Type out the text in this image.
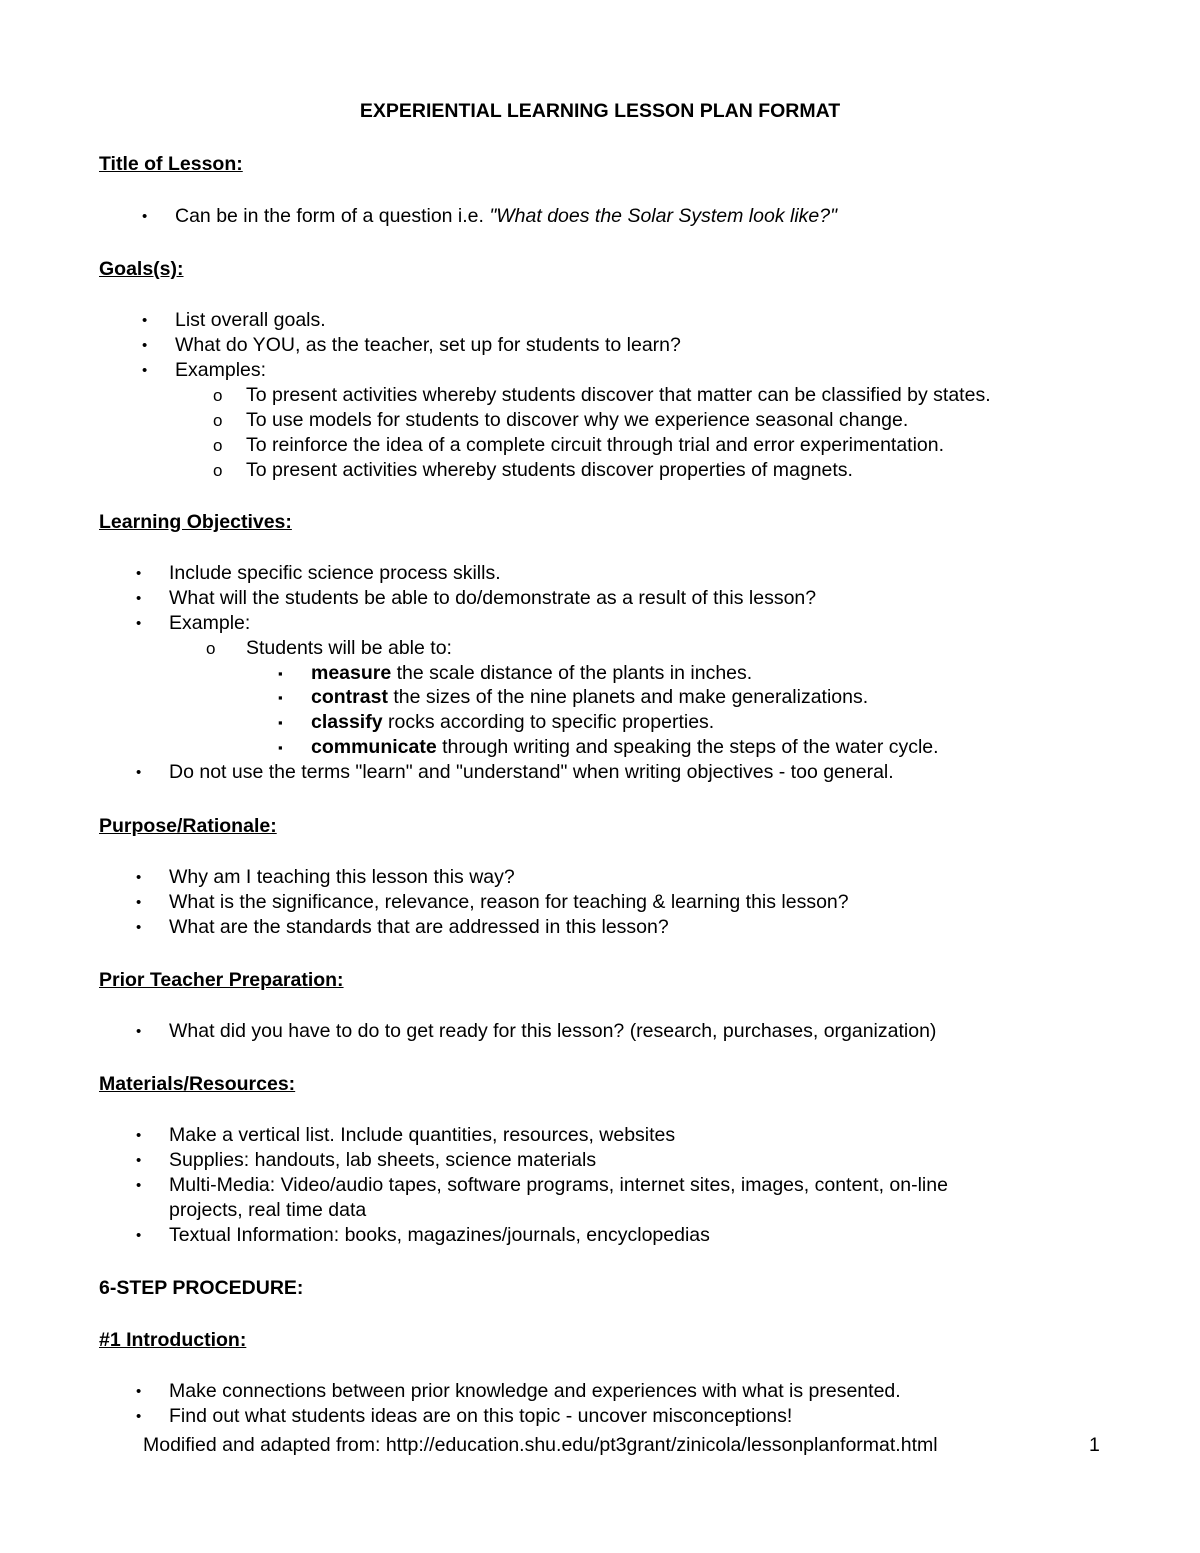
EXPERIENTIAL LEARNING LESSON PLAN FORMAT
Title of Lesson:
• Can be in the form of a question i.e. "What does the Solar System look like?"
Goals(s):
• List overall goals.
• What do YOU, as the teacher, set up for students to learn?
• Examples:
o To present activities whereby students discover that matter can be classified by states.
o To use models for students to discover why we experience seasonal change.
o To reinforce the idea of a complete circuit through trial and error experimentation.
o To present activities whereby students discover properties of magnets.
Learning Objectives:
• Include specific science process skills.
• What will the students be able to do/demonstrate as a result of this lesson?
• Example:
o Students will be able to:
▪ measure the scale distance of the plants in inches.
▪ contrast the sizes of the nine planets and make generalizations.
▪ classify rocks according to specific properties.
▪ communicate through writing and speaking the steps of the water cycle.
• Do not use the terms "learn" and "understand" when writing objectives - too general.
Purpose/Rationale:
• Why am I teaching this lesson this way?
• What is the significance, relevance, reason for teaching & learning this lesson?
• What are the standards that are addressed in this lesson?
Prior Teacher Preparation:
• What did you have to do to get ready for this lesson? (research, purchases, organization)
Materials/Resources:
• Make a vertical list. Include quantities, resources, websites
• Supplies: handouts, lab sheets, science materials
• Multi-Media: Video/audio tapes, software programs, internet sites, images, content, on-line
projects, real time data
• Textual Information: books, magazines/journals, encyclopedias
6-STEP PROCEDURE:
#1 Introduction:
• Make connections between prior knowledge and experiences with what is presented.
• Find out what students ideas are on this topic - uncover misconceptions!
Modified and adapted from: http://education.shu.edu/pt3grant/zinicola/lessonplanformat.html	1
